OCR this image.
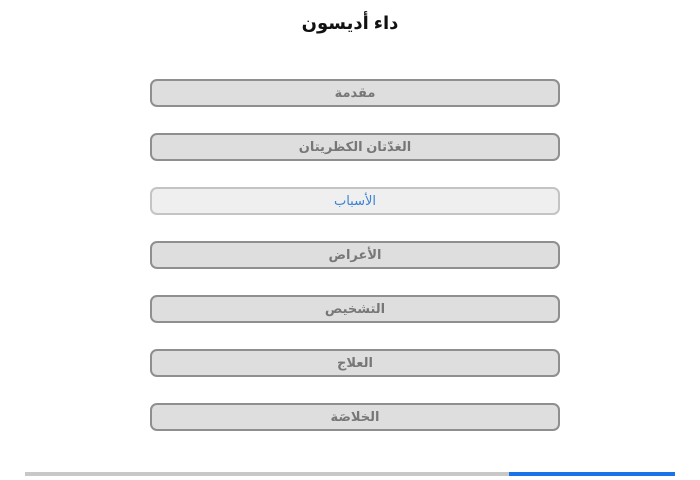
داء أديسون
مقدمة
الغدّتان الكظريتان
الأسباب
الأعراض
التشخيص
العلاج
الخلاصَة
